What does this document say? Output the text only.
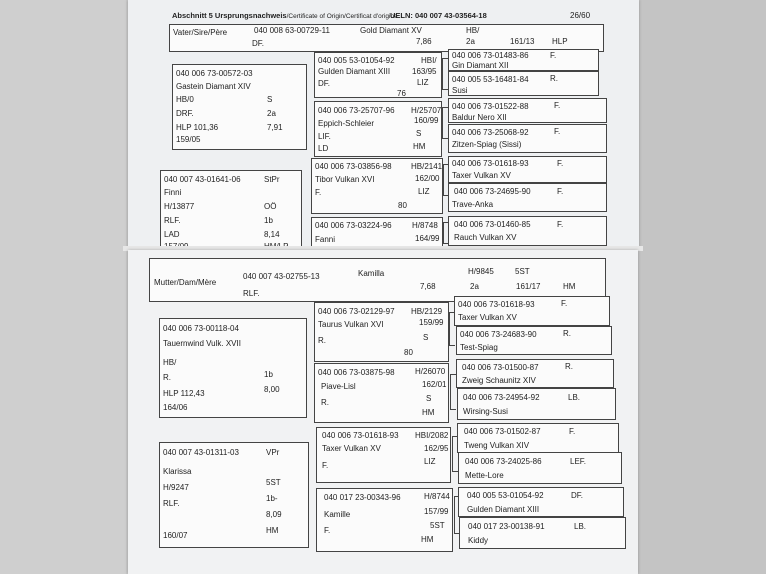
Abschnitt 5 Ursprungsnachweis/Certificate of Origin/Certificat d'origine
UELN: 040 007 43-03564-18	26/60
Vater/Sire/Père	040 008 63-00729-11	Gold Diamant XV
DF.	7,86
HB/
2a	161/13 HLP
040 006 73-00572-03
Gastein Diamant XIV
HB/0	S
DRF.	2a
HLP 101,36	7,91
159/05
040 007 43-01641-06	StPr
Finni
H/13877	OÖ
RLF.	1b
LAD	8,14
040 005 53-01054-92	HBI/
Gulden Diamant XIII	163/95
DF.	LIZ
76
040 006 73-25707-96 H/25707
Eppich-Schleier	160/99
LIF.	S
LD	HM
040 006 73-03856-98 HB/2141
Tibor Vulkan XVI	162/00
F.	LIZ
80
040 006 73-03224-96	H/8748
Fanni	164/99
040 006 73-01483-86	F.
Gin Diamant XII
040 005 53-16481-84	R.
Susi
040 006 73-01522-88	F.
Baldur Nero XII
040 006 73-25068-92	F.
Zitzen-Spiag (Sissi)
040 006 73-01618-93	F.
Taxer Vulkan XV
040 006 73-24695-90	F.
Trave-Anka
040 006 73-01460-85	F.
Rauch Vulkan XV
Mutter/Dam/Mère
040 007 43-02755-13	Kamilla	H/9845	5ST
RLF.
7,68	2a	161/17	HM
040 006 73-00118-04
Tauernwind Vulk. XVII
HB/
R.	1b
HLP 112,43	8,00
164/06
040 007 43-01311-03	VPr
Klarissa
5ST
H/9247
RLF.
1b-
8,09
160/07
HM
040 006 73-02129-97 HB/2129
Taurus Vulkan XVI	159/99
R.	S
80
040 006 73-03875-98	H/26070
Piave-Lisl	162/01
R.	S
HM
040 006 73-01618-93 HBI/2082
Taxer Vulkan XV	162/95
F.	LIZ
040 017 23-00343-96	H/8744
Kamille	157/99
F.
5ST
HM
040 006 73-01618-93	F.
Taxer Vulkan XV
040 006 73-24683-90	R.
Test-Spiag
040 006 73-01500-87	R.
Zweig Schaunitz XIV
040 006 73-24954-92	LB.
Wirsing-Susi
040 006 73-01502-87	F.
Tweng Vulkan XIV
040 006 73-24025-86	LEF.
Mette-Lore
040 005 53-01054-92	DF.
Gulden Diamant XIII
040 017 23-00138-91	LB.
Kiddy
